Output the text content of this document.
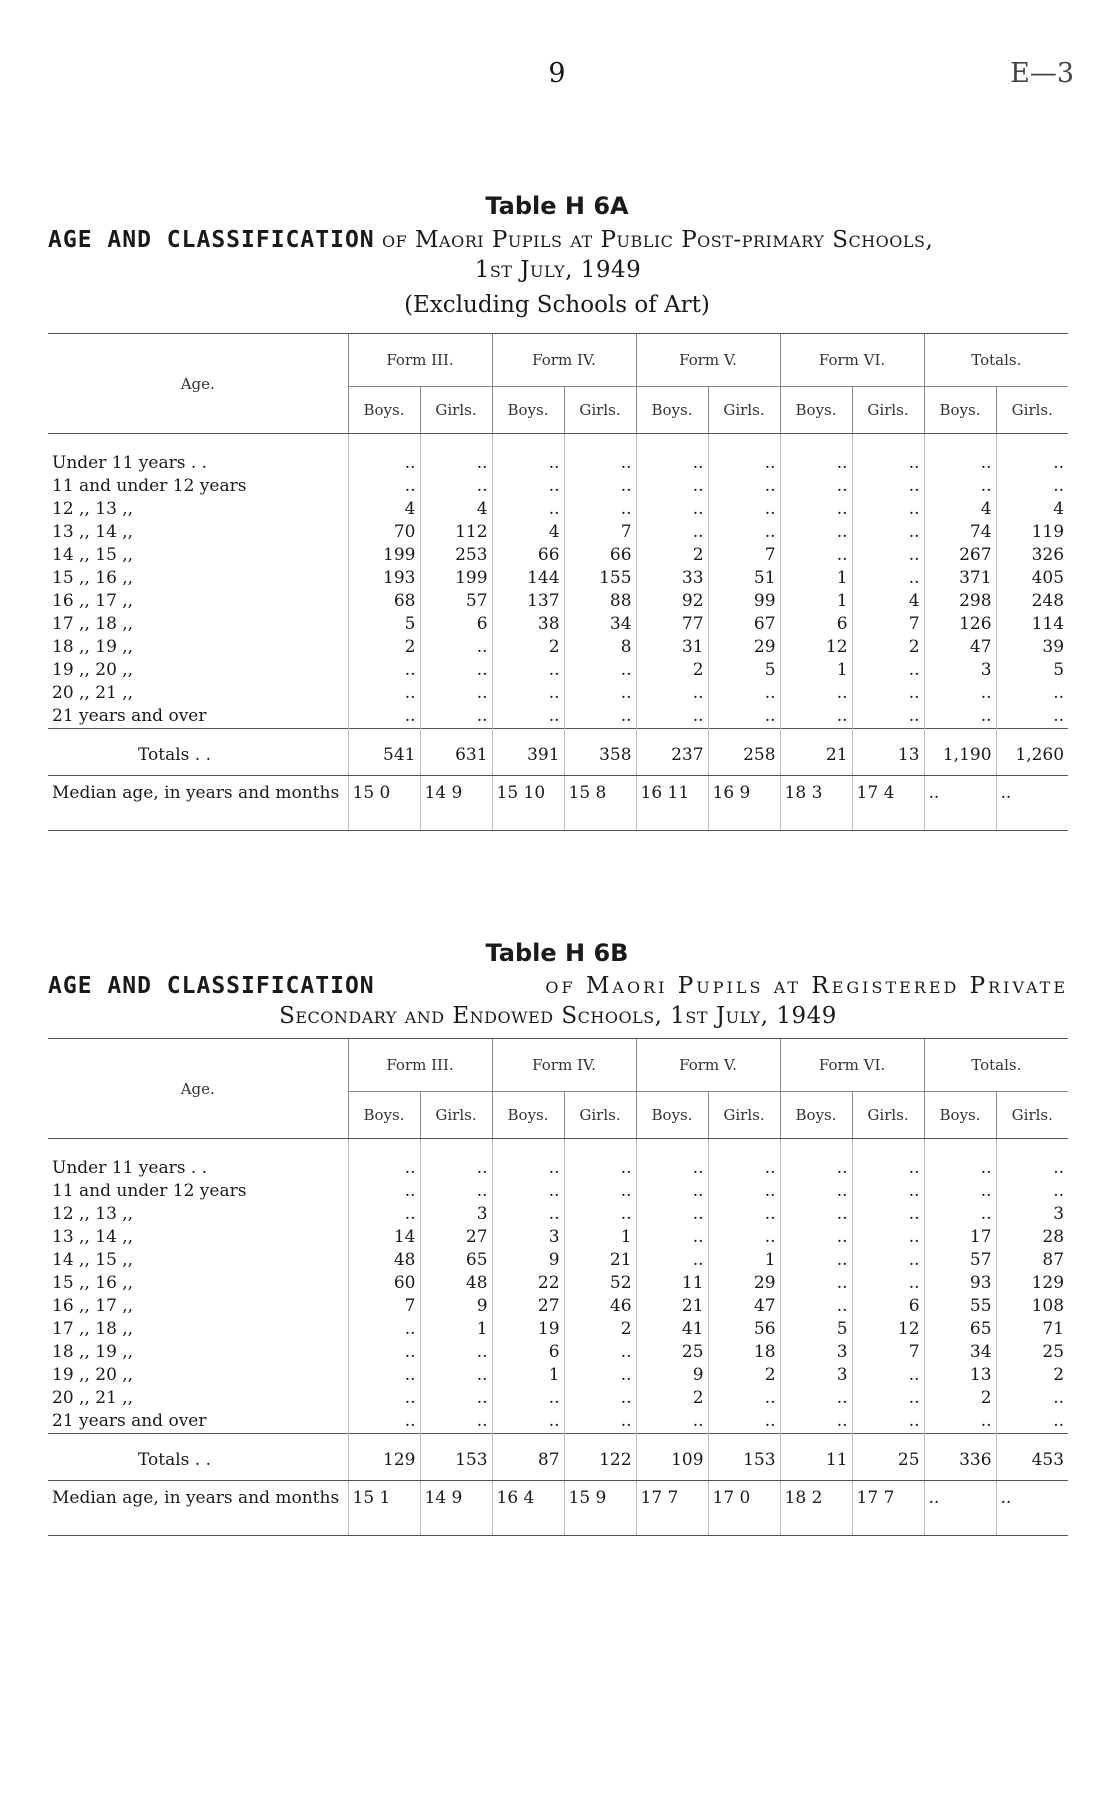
9	E—3
Table H 6A
AGE AND CLASSIFICATION of Maori Pupils at Public Post-primary Schools,
1st July, 1949
(Excluding Schools of Art)
Age.	Form III.		Form IV.		Form V.		Form VI.		Totals.	
	Boys.	Girls.	Boys.	Girls.	Boys.	Girls.	Boys.	Girls.	Boys.	Girls.
Under 11 years . .	..	..	..	..	..	..	..	..	..	..
11 and under 12 years	..	..	..	..	..	..	..	..	..	..
12 ,, 13 ,,	4	4	..	..	..	..	..	..	4	4
13 ,, 14 ,,	70	112	4	7	..	..	..	..	74	119
14 ,, 15 ,,	199	253	66	66	2	7	..	..	267	326
15 ,, 16 ,,	193	199	144	155	33	51	1	..	371	405
16 ,, 17 ,,	68	57	137	88	92	99	1	4	298	248
17 ,, 18 ,,	5	6	38	34	77	67	6	7	126	114
18 ,, 19 ,,	2	..	2	8	31	29	12	2	47	39
19 ,, 20 ,,	..	..	..	..	2	5	1	..	3	5
20 ,, 21 ,,	..	..	..	..	..	..	..	..	..	..
21 years and over	..	..	..	..	..	..	..	..	..	..
Totals . .	541	631	391	358	237	258	21	13	1,190	1,260
Median age, in years and months	15 0	14 9	15 10	15 8	16 11	16 9	18 3	17 4	..	..
Table H 6B
AGE AND CLASSIFICATION	of Maori Pupils at Registered Private
Secondary and Endowed Schools, 1st July, 1949
Age.	Form III.		Form IV.		Form V.		Form VI.		Totals.	
	Boys.	Girls.	Boys.	Girls.	Boys.	Girls.	Boys.	Girls.	Boys.	Girls.
Under 11 years . .	..	..	..	..	..	..	..	..	..	..
11 and under 12 years	..	..	..	..	..	..	..	..	..	..
12 ,, 13 ,,	..	3	..	..	..	..	..	..	..	3
13 ,, 14 ,,	14	27	3	1	..	..	..	..	17	28
14 ,, 15 ,,	48	65	9	21	..	1	..	..	57	87
15 ,, 16 ,,	60	48	22	52	11	29	..	..	93	129
16 ,, 17 ,,	7	9	27	46	21	47	..	6	55	108
17 ,, 18 ,,	..	1	19	2	41	56	5	12	65	71
18 ,, 19 ,,	..	..	6	..	25	18	3	7	34	25
19 ,, 20 ,,	..	..	1	..	9	2	3	..	13	2
20 ,, 21 ,,	..	..	..	..	2	..	..	..	2	..
21 years and over	..	..	..	..	..	..	..	..	..	..
Totals . .	129	153	87	122	109	153	11	25	336	453
Median age, in years and months	15 1	14 9	16 4	15 9	17 7	17 0	18 2	17 7	..	..
